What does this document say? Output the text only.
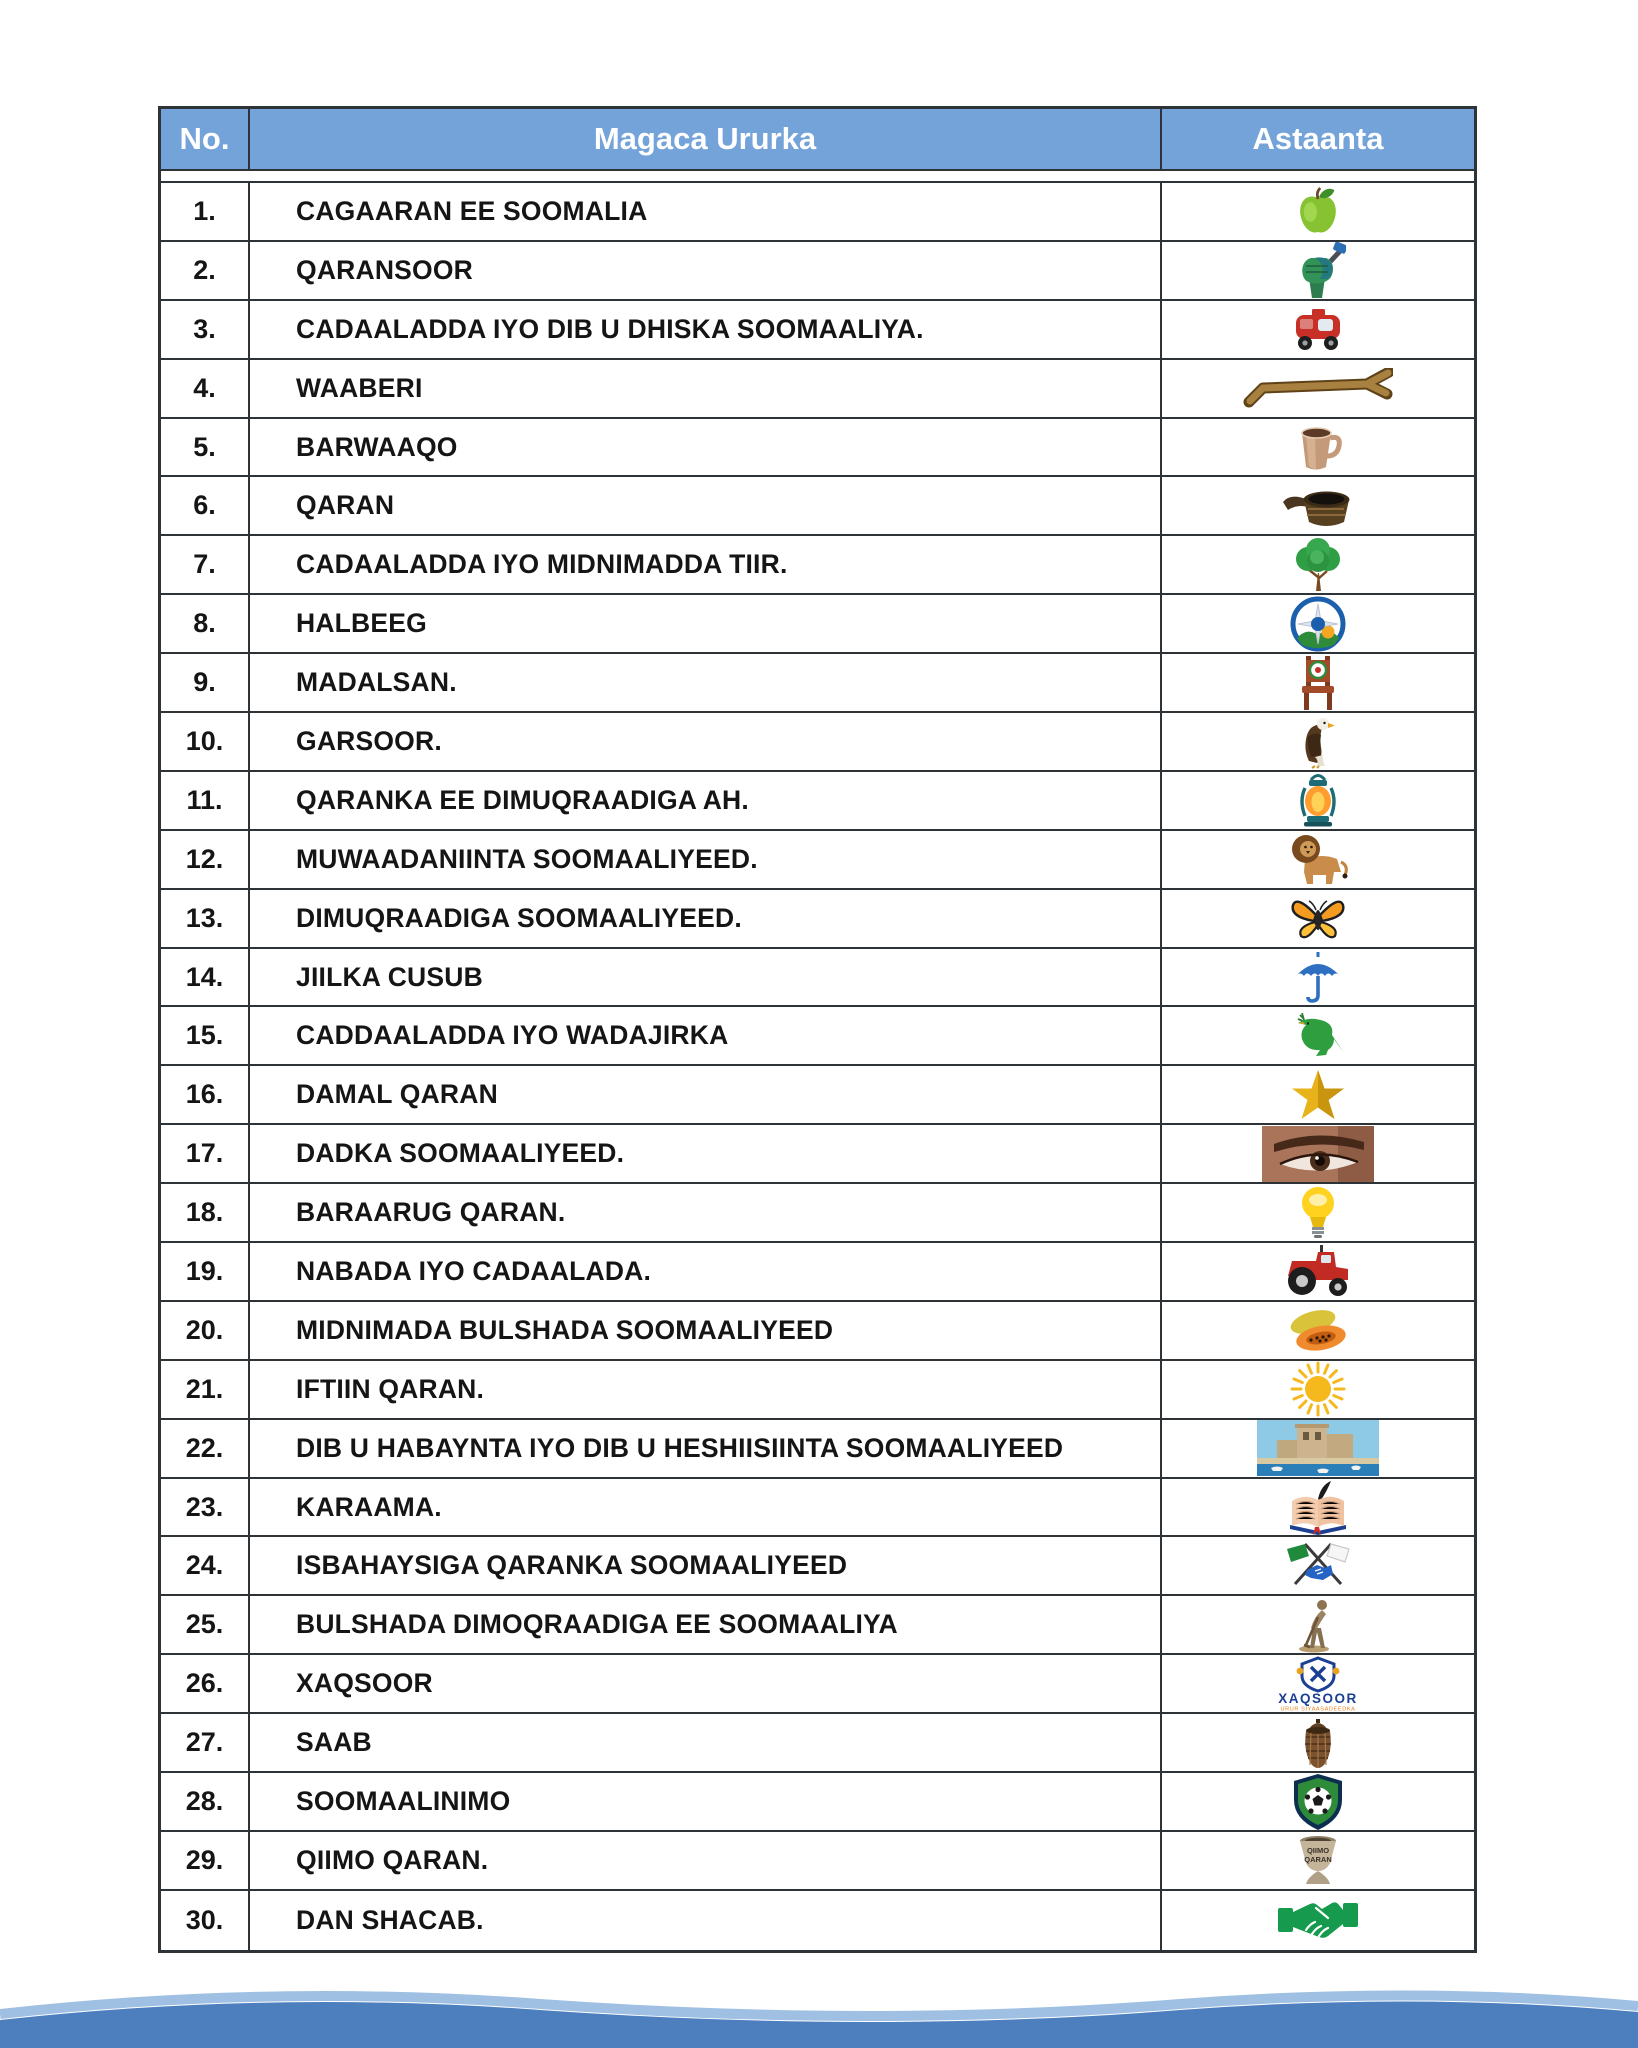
No.	Magaca Ururka	Astaanta
1.	CAGAARAN EE SOOMALIA
2.	QARANSOOR
3.	CADAALADDA IYO DIB U DHISKA SOOMAALIYA.
4.	WAABERI
5.	BARWAAQO
6.	QARAN
7.	CADAALADDA IYO MIDNIMADDA TIIR.
8.	HALBEEG
9.	MADALSAN.
10.	GARSOOR.
11.	QARANKA EE DIMUQRAADIGA AH.
12.	MUWAADANIINTA SOOMAALIYEED.
13.	DIMUQRAADIGA SOOMAALIYEED.
14.	JIILKA CUSUB
15.	CADDAALADDA IYO WADAJIRKA
16.	DAMAL QARAN
17.	DADKA SOOMAALIYEED.
18.	BARAARUG QARAN.
19.	NABADA IYO CADAALADA.
20.	MIDNIMADA BULSHADA SOOMAALIYEED
21.	IFTIIN QARAN.
22.	DIB U HABAYNTA IYO DIB U HESHIISIINTA SOOMAALIYEED
23.	KARAAMA.
24.	ISBAHAYSIGA QARANKA SOOMAALIYEED
25.	BULSHADA DIMOQRAADIGA EE SOOMAALIYA
26.	XAQSOOR	XAQSOOR
URUR SIYAASADEEDKA
27.	SAAB
28.	SOOMAALINIMO
29.	QIIMO QARAN.	QIIMO
QARAN
30.	DAN SHACAB.
